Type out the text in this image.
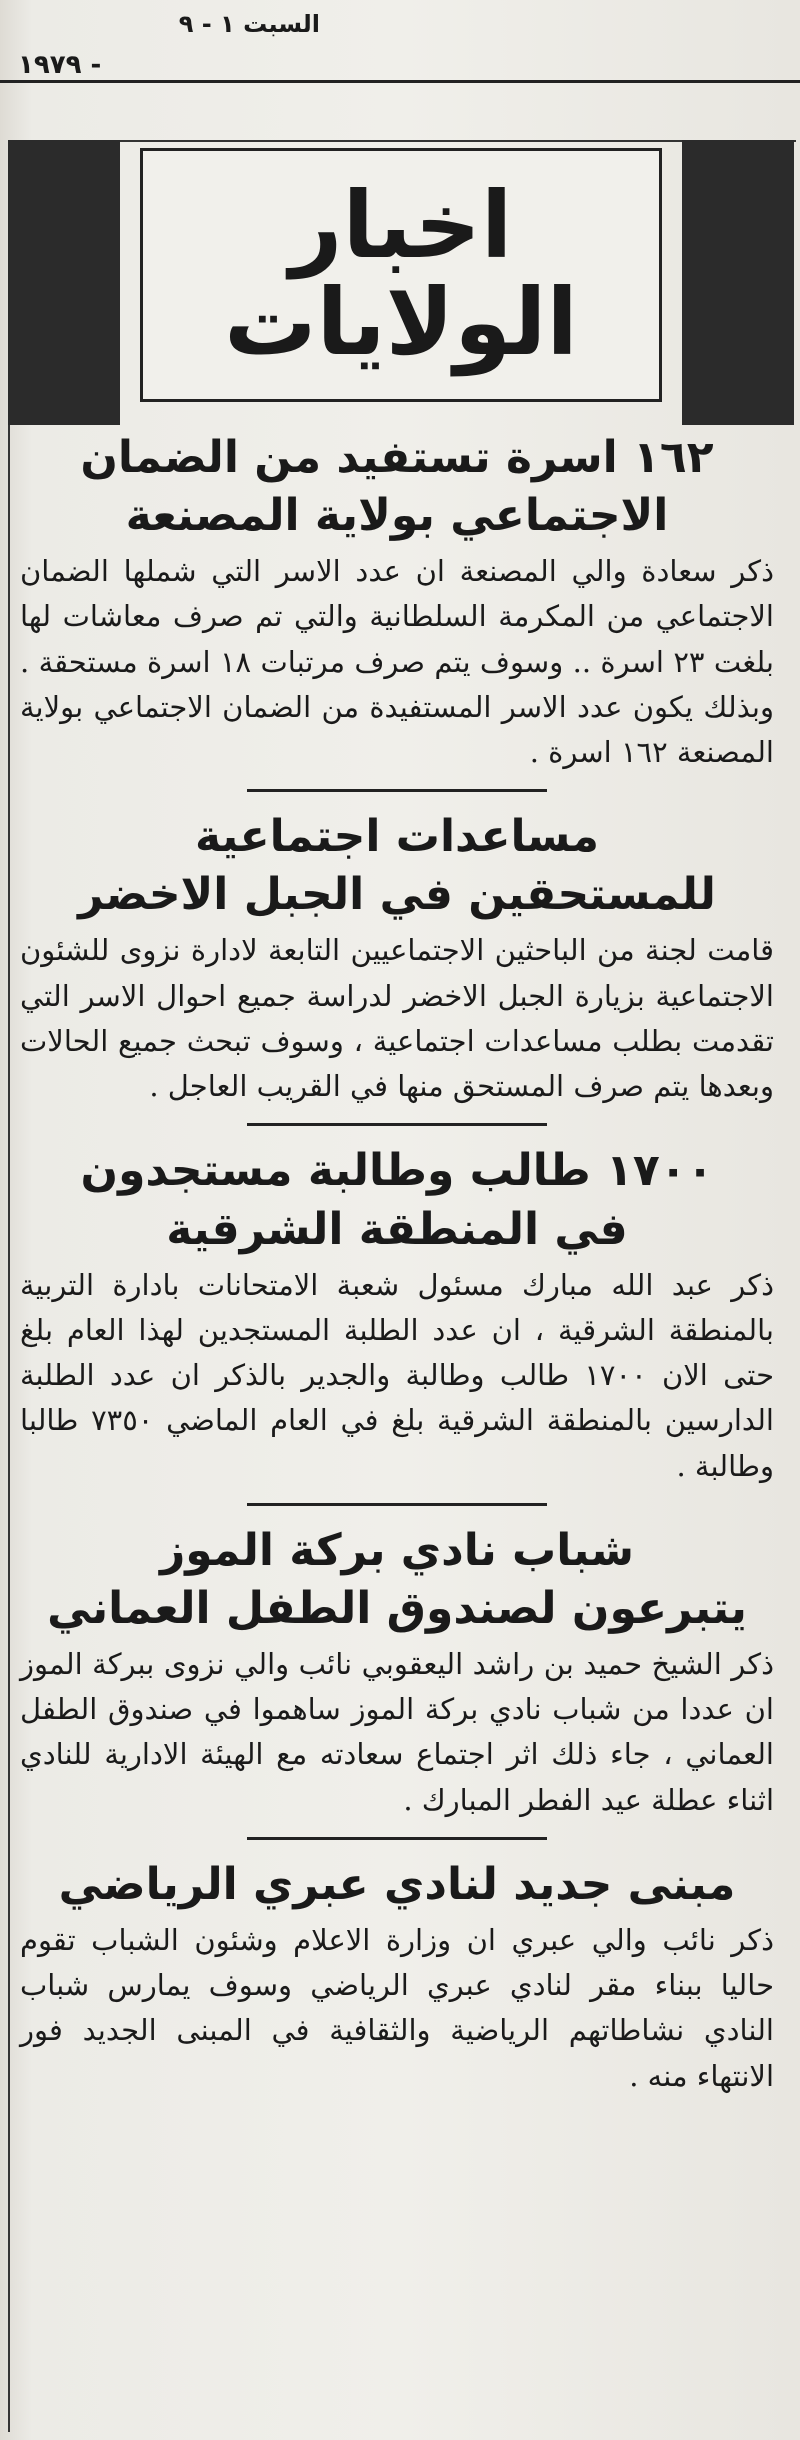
السبت ١ - ٩
١٩٧٩ -
اخبار
الولايات
١٦٢ اسرة تستفيد من الضمان
الاجتماعي بولاية المصنعة

ذكر سعادة والي المصنعة ان عدد الاسر التي شملها الضمان الاجتماعي من المكرمة السلطانية والتي تم صرف معاشات لها بلغت ٢٣ اسرة .. وسوف يتم صرف مرتبات ١٨ اسرة مستحقة . وبذلك يكون عدد الاسر المستفيدة من الضمان الاجتماعي بولاية المصنعة ١٦٢ اسرة .

مساعدات اجتماعية
للمستحقين في الجبل الاخضر

قامت لجنة من الباحثين الاجتماعيين التابعة لادارة نزوى للشئون الاجتماعية بزيارة الجبل الاخضر لدراسة جميع احوال الاسر التي تقدمت بطلب مساعدات اجتماعية ، وسوف تبحث جميع الحالات وبعدها يتم صرف المستحق منها في القريب العاجل .

١٧٠٠ طالب وطالبة مستجدون
في المنطقة الشرقية

ذكر عبد الله مبارك مسئول شعبة الامتحانات بادارة التربية بالمنطقة الشرقية ، ان عدد الطلبة المستجدين لهذا العام بلغ حتى الان ١٧٠٠ طالب وطالبة والجدير بالذكر ان عدد الطلبة الدارسين بالمنطقة الشرقية بلغ في العام الماضي ٧٣٥٠ طالبا وطالبة .

شباب نادي بركة الموز
يتبرعون لصندوق الطفل العماني

ذكر الشيخ حميد بن راشد اليعقوبي نائب والي نزوى ببركة الموز ان عددا من شباب نادي بركة الموز ساهموا في صندوق الطفل العماني ، جاء ذلك اثر اجتماع سعادته مع الهيئة الادارية للنادي اثناء عطلة عيد الفطر المبارك .

مبنى جديد لنادي عبري الرياضي

ذكر نائب والي عبري ان وزارة الاعلام وشئون الشباب تقوم حاليا ببناء مقر لنادي عبري الرياضي وسوف يمارس شباب النادي نشاطاتهم الرياضية والثقافية في المبنى الجديد فور الانتهاء منه .
